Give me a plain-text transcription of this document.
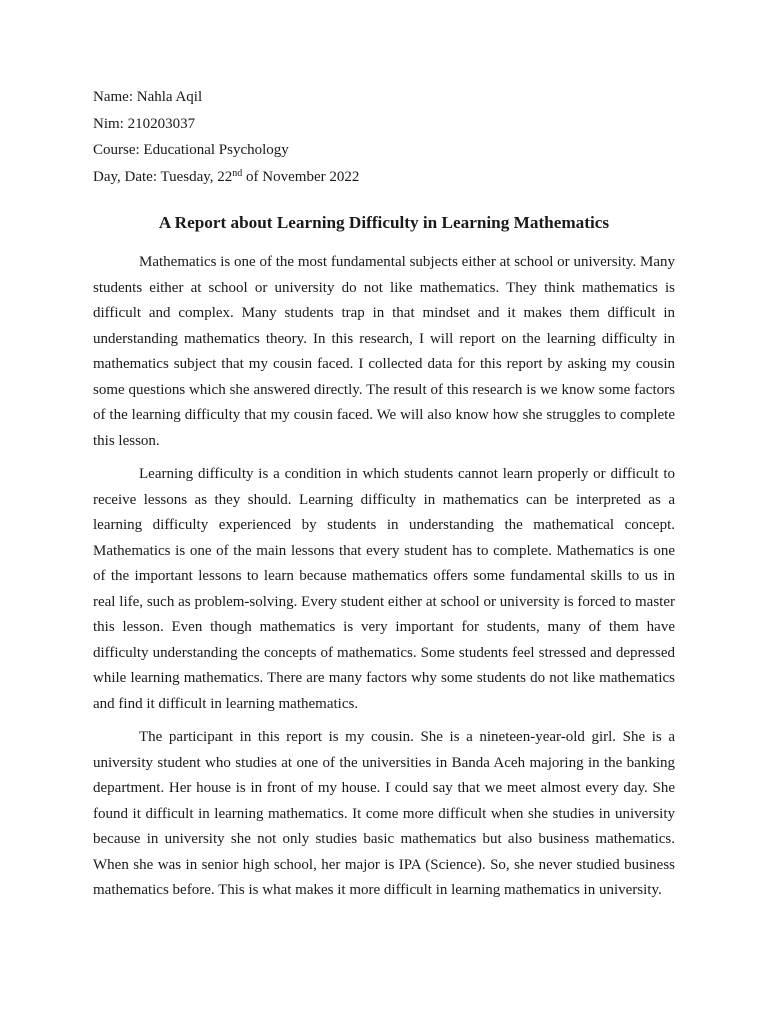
Name: Nahla Aqil

Nim: 210203037

Course: Educational Psychology

Day, Date: Tuesday, 22nd of November 2022

A Report about Learning Difficulty in Learning Mathematics

Mathematics is one of the most fundamental subjects either at school or university. Many students either at school or university do not like mathematics. They think mathematics is difficult and complex. Many students trap in that mindset and it makes them difficult in understanding mathematics theory. In this research, I will report on the learning difficulty in mathematics subject that my cousin faced. I collected data for this report by asking my cousin some questions which she answered directly. The result of this research is we know some factors of the learning difficulty that my cousin faced. We will also know how she struggles to complete this lesson.

Learning difficulty is a condition in which students cannot learn properly or difficult to receive lessons as they should. Learning difficulty in mathematics can be interpreted as a learning difficulty experienced by students in understanding the mathematical concept. Mathematics is one of the main lessons that every student has to complete. Mathematics is one of the important lessons to learn because mathematics offers some fundamental skills to us in real life, such as problem-solving. Every student either at school or university is forced to master this lesson. Even though mathematics is very important for students, many of them have difficulty understanding the concepts of mathematics. Some students feel stressed and depressed while learning mathematics. There are many factors why some students do not like mathematics and find it difficult in learning mathematics.

The participant in this report is my cousin. She is a nineteen-year-old girl. She is a university student who studies at one of the universities in Banda Aceh majoring in the banking department. Her house is in front of my house. I could say that we meet almost every day. She found it difficult in learning mathematics. It come more difficult when she studies in university because in university she not only studies basic mathematics but also business mathematics. When she was in senior high school, her major is IPA (Science). So, she never studied business mathematics before. This is what makes it more difficult in learning mathematics in university.
